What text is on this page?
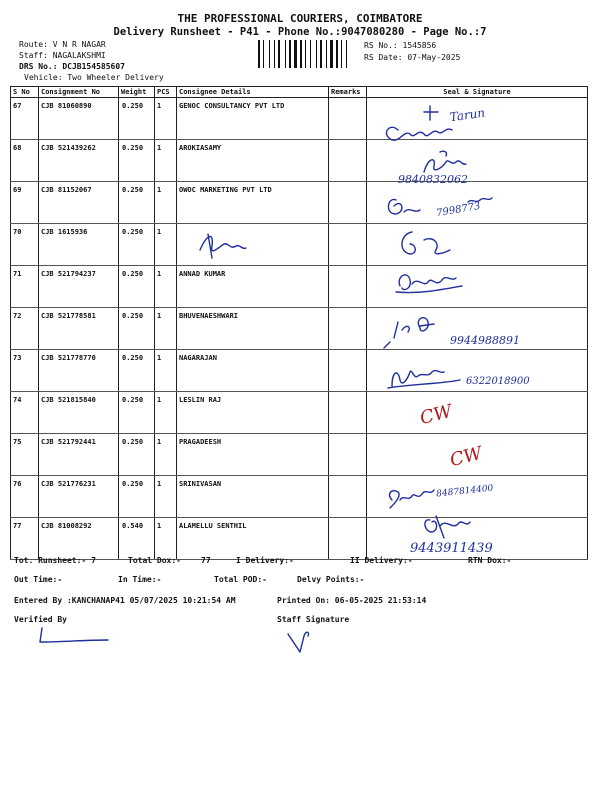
THE PROFESSIONAL COURIERS, COIMBATORE
Delivery Runsheet - P41 - Phone No.:9047080280 - Page No.:7
Route: V N R NAGAR
Staff: NAGALAKSHMI
DRS No.: DCJB154585607
Vehicle: Two Wheeler Delivery
RS No.: 1545856
RS Date: 07-May-2025
S No	Consignment No	Weight	PCS	Consignee Details	Remarks	Seal & Signature
67	CJB 81060890	0.250	1	GENOC CONSULTANCY PVT LTD		
68	CJB 521439262	0.250	1	AROKIASAMY		
69	CJB 81152067	0.250	1	OWOC MARKETING PVT LTD		
70	CJB 1615936	0.250	1			
71	CJB 521794237	0.250	1	ANNAD KUMAR		
72	CJB 521778581	0.250	1	BHUVENAESHWARI		
73	CJB 521778770	0.250	1	NAGARAJAN		
74	CJB 521815840	0.250	1	LESLIN RAJ		
75	CJB 521792441	0.250	1	PRAGADEESH		
76	CJB 521776231	0.250	1	SRINIVASAN		
77	CJB 81008292	0.540	1	ALAMELLU SENTHIL		
Tarun
9840832062
7998773
9944988891
6322018900
CW
CW
8487814400
9443911439
Tot. Runsheet:- 7	Total Dox:-	77	I Delivery:-	II Delivery:-	RTN Dox:-
Out Time:-	In Time:-	Total POD:-	Delvy Points:-
Entered By :KANCHANAP41 05/07/2025 10:21:54 AM	Printed On: 06-05-2025 21:53:14
Verified By	Staff Signature
